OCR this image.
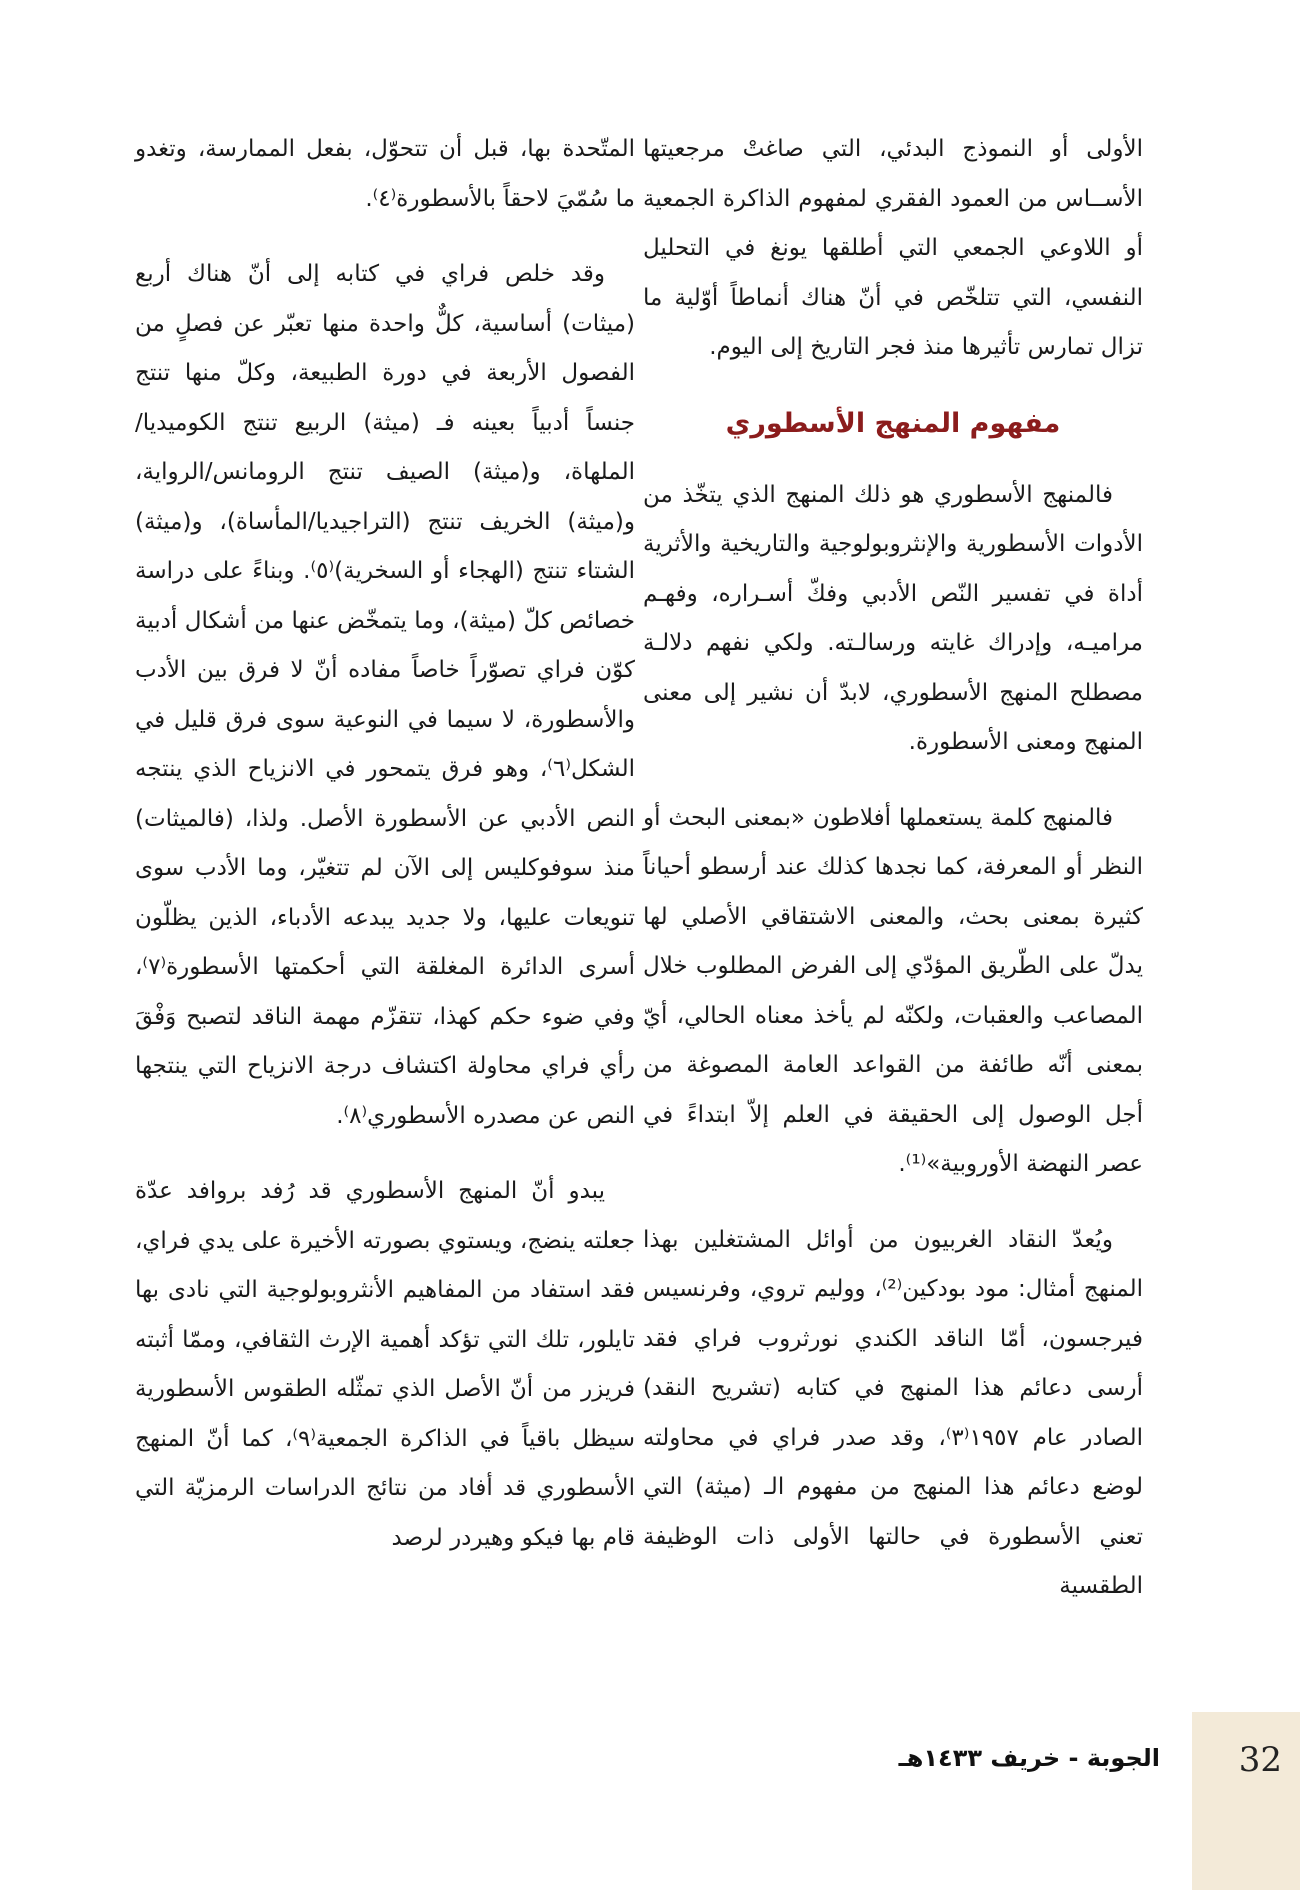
الأولى أو النموذج البدئي، التي صاغتْ مرجعيتها الأســاس من العمود الفقري لمفهوم الذاكرة الجمعية أو اللاوعي الجمعي التي أطلقها يونغ في التحليل النفسي، التي تتلخّص في أنّ هناك أنماطاً أوّلية ما تزال تمارس تأثيرها منذ فجر التاريخ إلى اليوم.

مفهوم المنهج الأسطوري

فالمنهج الأسطوري هو ذلك المنهج الذي يتخّذ من الأدوات الأسطورية والإنثروبولوجية والتاريخية والأثرية أداة في تفسير النّص الأدبي وفكّ أسـراره، وفهـم مراميـه، وإدراك غايته ورسالـته. ولكي نفهم دلالـة مصطلح المنهج الأسطوري، لابدّ أن نشير إلى معنى المنهج ومعنى الأسطورة.

فالمنهج كلمة يستعملها أفلاطون «بمعنى البحث أو النظر أو المعرفة، كما نجدها كذلك عند أرسطو أحياناً كثيرة بمعنى بحث، والمعنى الاشتقاقي الأصلي لها يدلّ على الطّريق المؤدّي إلى الفرض المطلوب خلال المصاعب والعقبات، ولكنّه لم يأخذ معناه الحالي، أيّ بمعنى أنّه طائفة من القواعد العامة المصوغة من أجل الوصول إلى الحقيقة في العلم إلاّ ابتداءً في عصر النهضة الأوروبية»⁽¹⁾.

ويُعدّ النقاد الغربيون من أوائل المشتغلين بهذا المنهج أمثال: مود بودكين⁽²⁾، ووليم تروي، وفرنسيس فيرجسون، أمّا الناقد الكندي نورثروب فراي فقد أرسى دعائم هذا المنهج في كتابه (تشريح النقد) الصادر عام ١٩٥٧⁽٣⁾، وقد صدر فراي في محاولته لوضع دعائم هذا المنهج من مفهوم الـ (ميثة) التي تعني الأسطورة في حالتها الأولى ذات الوظيفة الطقسية

المتّحدة بها، قبل أن تتحوّل، بفعل الممارسة، وتغدو ما سُمّيَ لاحقاً بالأسطورة⁽٤⁾.

وقد خلص فراي في كتابه إلى أنّ هناك أربع (ميثات) أساسية، كلٌّ واحدة منها تعبّر عن فصلٍ من الفصول الأربعة في دورة الطبيعة، وكلّ منها تنتج جنساً أدبياً بعينه فـ (ميثة) الربيع تنتج الكوميديا/الملهاة، و(ميثة) الصيف تنتج الرومانس/الرواية، و(ميثة) الخريف تنتج (التراجيديا/المأساة)، و(ميثة) الشتاء تنتج (الهجاء أو السخرية)⁽٥⁾. وبناءً على دراسة خصائص كلّ (ميثة)، وما يتمخّض عنها من أشكال أدبية كوّن فراي تصوّراً خاصاً مفاده أنّ لا فرق بين الأدب والأسطورة، لا سيما في النوعية سوى فرق قليل في الشكل⁽٦⁾، وهو فرق يتمحور في الانزياح الذي ينتجه النص الأدبي عن الأسطورة الأصل. ولذا، (فالميثات) منذ سوفوكليس إلى الآن لم تتغيّر، وما الأدب سوى تنويعات عليها، ولا جديد يبدعه الأدباء، الذين يظلّون أسرى الدائرة المغلقة التي أحكمتها الأسطورة⁽٧⁾، وفي ضوء حكم كهذا، تتقزّم مهمة الناقد لتصبح وَفْقَ رأي فراي محاولة اكتشاف درجة الانزياح التي ينتجها النص عن مصدره الأسطوري⁽٨⁾.

يبدو أنّ المنهج الأسطوري قد رُفد بروافد عدّة جعلته ينضج، ويستوي بصورته الأخيرة على يدي فراي، فقد استفاد من المفاهيم الأنثروبولوجية التي نادى بها تايلور، تلك التي تؤكد أهمية الإرث الثقافي، وممّا أثبته فريزر من أنّ الأصل الذي تمثّله الطقوس الأسطورية سيظل باقياً في الذاكرة الجمعية⁽٩⁾، كما أنّ المنهج الأسطوري قد أفاد من نتائج الدراسات الرمزيّة التي قام بها فيكو وهيردر لرصد

32
الجوبة - خريف ١٤٣٣هـ
